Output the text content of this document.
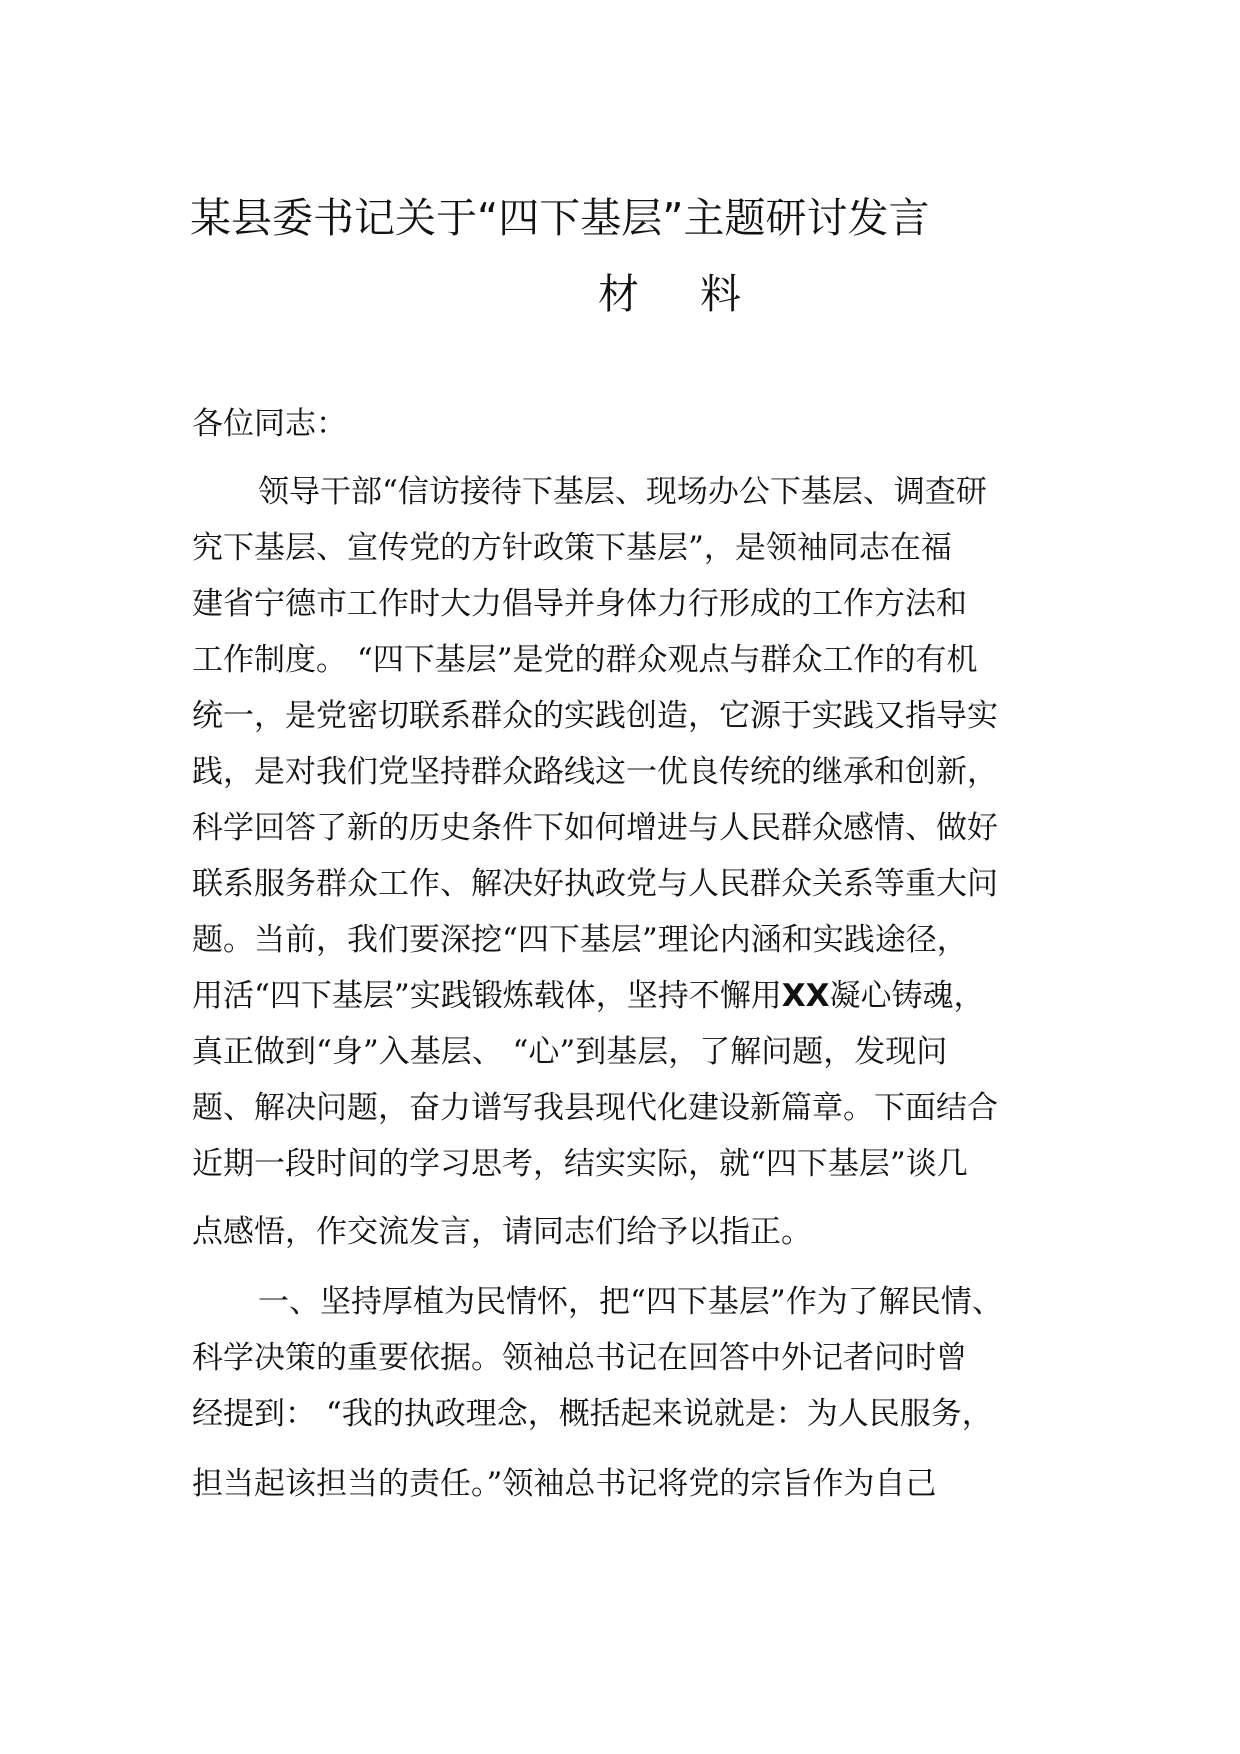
某县委书记关于“四下基层”主题研讨发言
材 料

各位同志：

领导干部“信访接待下基层、现场办公下基层、调查研

究下基层、宣传党的方针政策下基层”，是领袖同志在福

建省宁德市工作时大力倡导并身体力行形成的工作方法和

工作制度。 “四下基层”是党的群众观点与群众工作的有机

统一，是党密切联系群众的实践创造，它源于实践又指导实

践，是对我们党坚持群众路线这一优良传统的继承和创新，

科学回答了新的历史条件下如何增进与人民群众感情、做好

联系服务群众工作、解决好执政党与人民群众关系等重大问

题。当前，我们要深挖“四下基层”理论内涵和实践途径，

用活“四下基层”实践锻炼载体，坚持不懈用XX凝心铸魂，

真正做到“身”入基层、 “心”到基层，了解问题，发现问

题、解决问题，奋力谱写我县现代化建设新篇章。下面结合

近期一段时间的学习思考，结实实际，就“四下基层”谈几

点感悟，作交流发言，请同志们给予以指正。

一、坚持厚植为民情怀，把“四下基层”作为了解民情、

科学决策的重要依据。领袖总书记在回答中外记者问时曾

经提到： “我的执政理念，概括起来说就是：为人民服务，

担当起该担当的责任。”领袖总书记将党的宗旨作为自己
